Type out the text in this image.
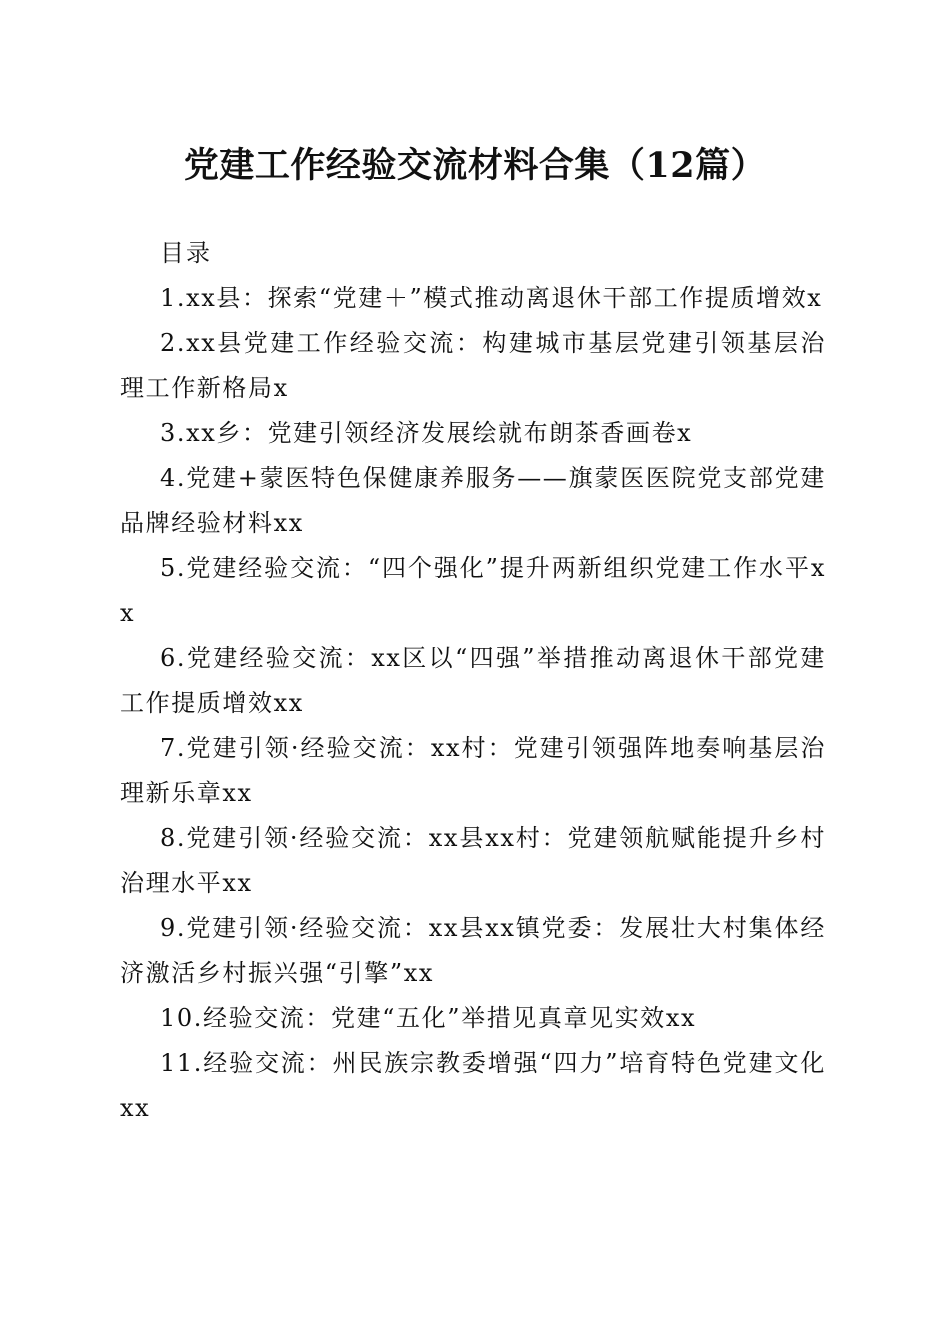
党建工作经验交流材料合集（12篇）

目录

1.xx县：探索“党建＋”模式推动离退休干部工作提质增效x

2.xx县党建工作经验交流：构建城市基层党建引领基层治理工作新格局x

3.xx乡：党建引领经济发展绘就布朗茶香画卷x

4.党建+蒙医特色保健康养服务——旗蒙医医院党支部党建品牌经验材料xx

5.党建经验交流：“四个强化”提升两新组织党建工作水平xx

6.党建经验交流：xx区以“四强”举措推动离退休干部党建工作提质增效xx

7.党建引领·经验交流：xx村：党建引领强阵地奏响基层治理新乐章xx

8.党建引领·经验交流：xx县xx村：党建领航赋能提升乡村治理水平xx

9.党建引领·经验交流：xx县xx镇党委：发展壮大村集体经济激活乡村振兴强“引擎”xx

10.经验交流：党建“五化”举措见真章见实效xx

11.经验交流：州民族宗教委增强“四力”培育特色党建文化xx
